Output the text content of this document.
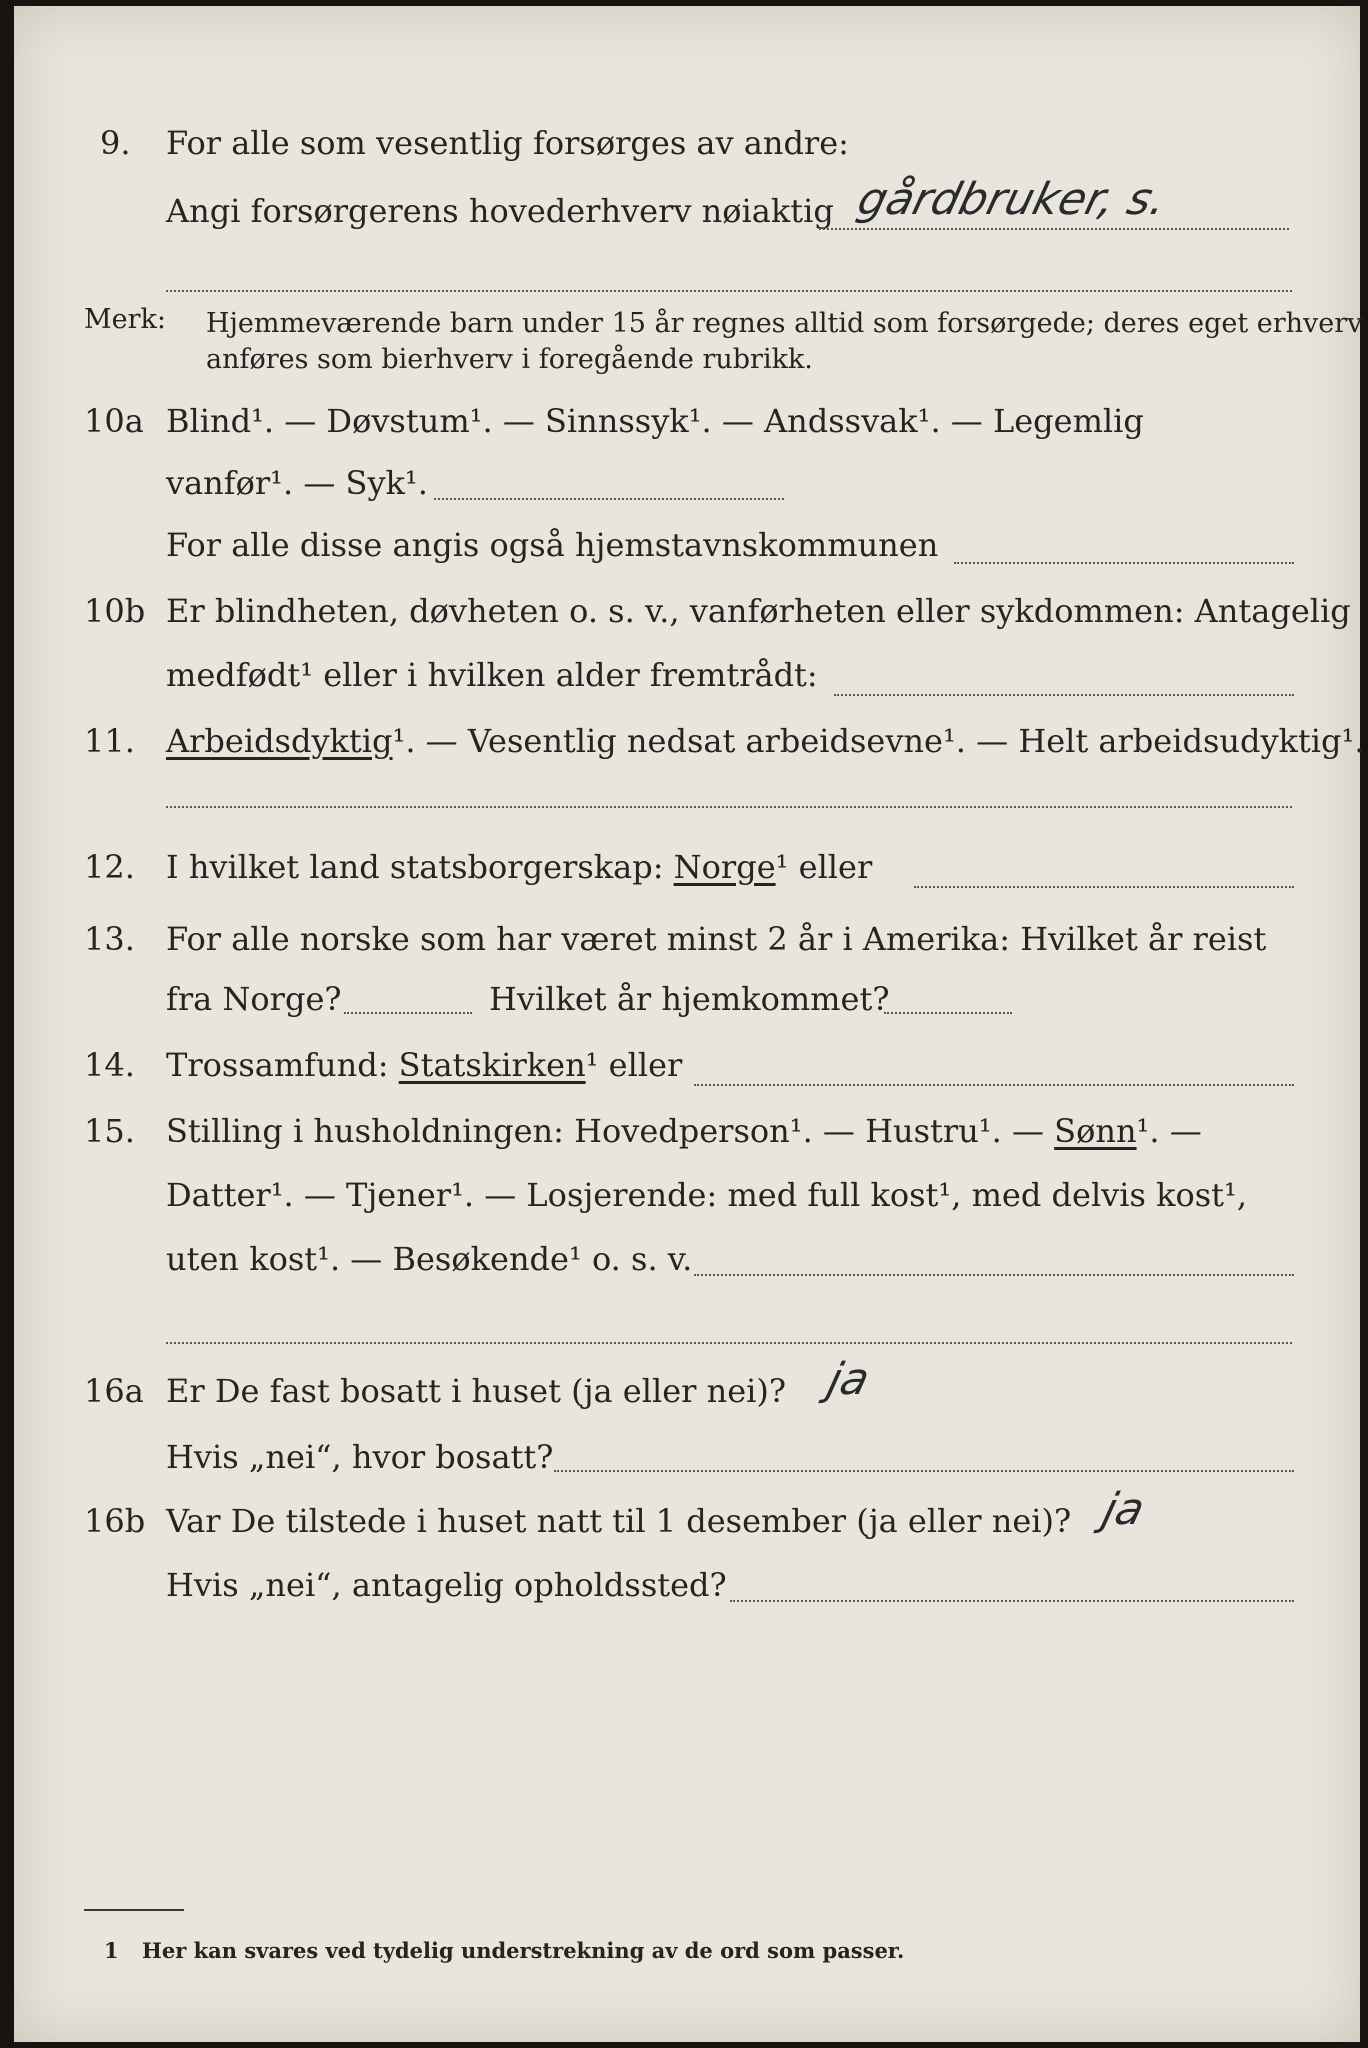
9. For alle som vesentlig forsørges av andre:
Angi forsørgerens hovederhverv nøiaktig gårdbruker, s.
Merk: Hjemmeværende barn under 15 år regnes alltid som forsørgede; deres eget erhverv
anføres som bierhverv i foregående rubrikk.
10a Blind¹. — Døvstum¹. — Sinnssyk¹. — Andssvak¹. — Legemlig
vanfør¹. — Syk¹.
For alle disse angis også hjemstavnskommunen
10b Er blindheten, døvheten o. s. v., vanførheten eller sykdommen: Antagelig
medfødt¹ eller i hvilken alder fremtrådt:
11. Arbeidsdyktig¹. — Vesentlig nedsat arbeidsevne¹. — Helt arbeidsudyktig¹.
12. I hvilket land statsborgerskap: Norge¹ eller
13. For alle norske som har været minst 2 år i Amerika: Hvilket år reist
fra Norge?	Hvilket år hjemkommet?
14. Trossamfund: Statskirken¹ eller
15. Stilling i husholdningen: Hovedperson¹. — Hustru¹. — Sønn¹. —
Datter¹. — Tjener¹. — Losjerende: med full kost¹, med delvis kost¹,
uten kost¹. — Besøkende¹ o. s. v.
16a Er De fast bosatt i huset (ja eller nei)? ja
Hvis „nei“, hvor bosatt?
16b Var De tilstede i huset natt til 1 desember (ja eller nei)? ja
Hvis „nei“, antagelig opholdssted?
1 Her kan svares ved tydelig understrekning av de ord som passer.
